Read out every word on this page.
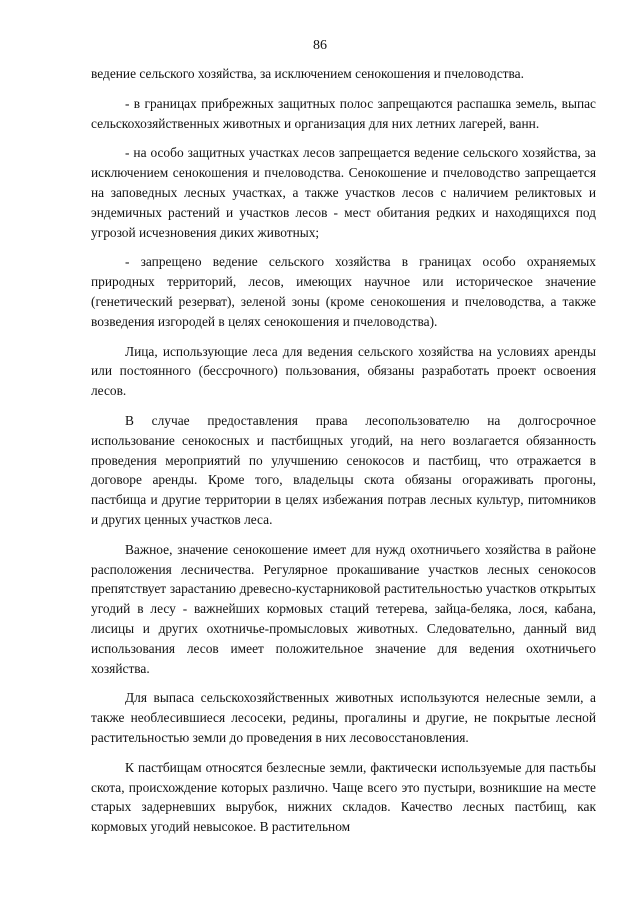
86

ведение сельского хозяйства, за исключением сенокошения и пчеловодства.

- в границах прибрежных защитных полос запрещаются распашка земель, выпас сельскохозяйственных животных и организация для них летних лагерей, ванн.

- на особо защитных участках лесов запрещается ведение сельского хозяйства, за исключением сенокошения и пчеловодства. Сенокошение и пчеловодство запрещается на заповедных лесных участках, а также участков лесов с наличием реликтовых и эндемичных растений и участков лесов - мест обитания редких и находящихся под угрозой исчезновения диких животных;

- запрещено ведение сельского хозяйства в границах особо охраняемых природных территорий, лесов, имеющих научное или историческое значение (генетический резерват), зеленой зоны (кроме сенокошения и пчеловодства, а также возведения изгородей в целях сенокошения и пчеловодства).

Лица, использующие леса для ведения сельского хозяйства на условиях аренды или постоянного (бессрочного) пользования, обязаны разработать проект освоения лесов.

В случае предоставления права лесопользователю на долгосрочное использование сенокосных и пастбищных угодий, на него возлагается обязанность проведения мероприятий по улучшению сенокосов и пастбищ, что отражается в договоре аренды. Кроме того, владельцы скота обязаны огораживать прогоны, пастбища и другие территории в целях избежания потрав лесных культур, питомников и других ценных участков леса.

Важное, значение сенокошение имеет для нужд охотничьего хозяйства в районе расположения лесничества. Регулярное прокашивание участков лесных сенокосов препятствует зарастанию древесно-кустарниковой растительностью участков открытых угодий в лесу - важнейших кормовых стаций тетерева, зайца-беляка, лося, кабана, лисицы и других охотничье-промысловых животных. Следовательно, данный вид использования лесов имеет положительное значение для ведения охотничьего хозяйства.

Для выпаса сельскохозяйственных животных используются нелесные земли, а также необлесившиеся лесосеки, редины, прогалины и другие, не покрытые лесной растительностью земли до проведения в них лесовосстановления.

К пастбищам относятся безлесные земли, фактически используемые для пастьбы скота, происхождение которых различно. Чаще всего это пустыри, возникшие на месте старых задерневших вырубок, нижних складов. Качество лесных пастбищ, как кормовых угодий невысокое. В растительном
